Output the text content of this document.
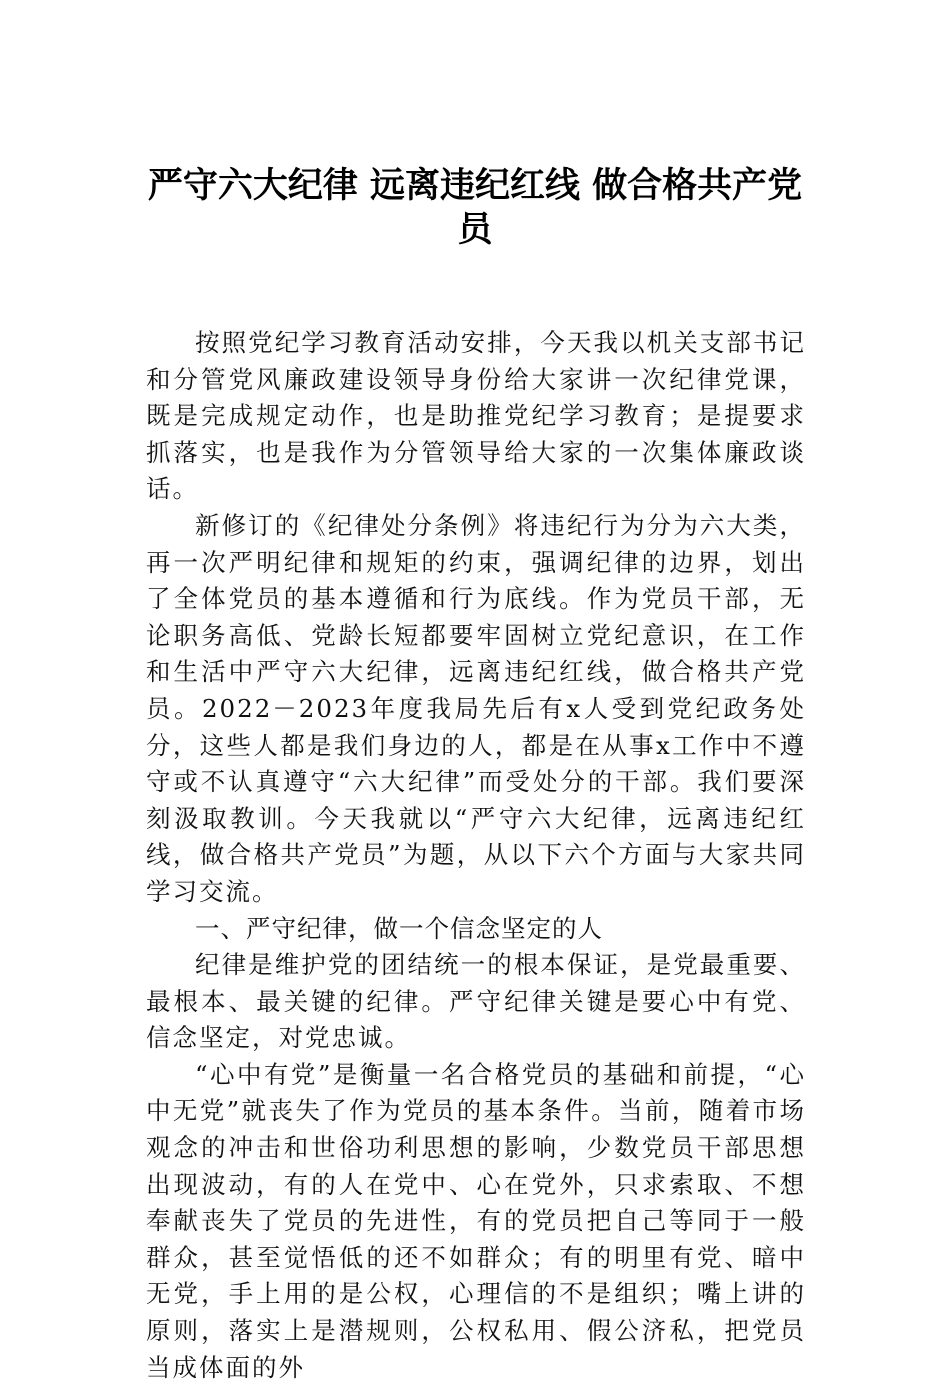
严守六大纪律 远离违纪红线 做合格共产党
员

按照党纪学习教育活动安排，今天我以机关支部书记和分管党风廉政建设领导身份给大家讲一次纪律党课，既是完成规定动作，也是助推党纪学习教育；是提要求抓落实，也是我作为分管领导给大家的一次集体廉政谈话。

新修订的《纪律处分条例》将违纪行为分为六大类，再一次严明纪律和规矩的约束，强调纪律的边界，划出了全体党员的基本遵循和行为底线。作为党员干部，无论职务高低、党龄长短都要牢固树立党纪意识，在工作和生活中严守六大纪律，远离违纪红线，做合格共产党员。2022－2023年度我局先后有x人受到党纪政务处分，这些人都是我们身边的人，都是在从事x工作中不遵守或不认真遵守“六大纪律”而受处分的干部。我们要深刻汲取教训。今天我就以“严守六大纪律，远离违纪红线，做合格共产党员”为题，从以下六个方面与大家共同学习交流。

一、严守纪律，做一个信念坚定的人

纪律是维护党的团结统一的根本保证，是党最重要、最根本、最关键的纪律。严守纪律关键是要心中有党、信念坚定，对党忠诚。

“心中有党”是衡量一名合格党员的基础和前提，“心中无党”就丧失了作为党员的基本条件。当前，随着市场观念的冲击和世俗功利思想的影响，少数党员干部思想出现波动，有的人在党中、心在党外，只求索取、不想奉献丧失了党员的先进性，有的党员把自己等同于一般群众，甚至觉悟低的还不如群众；有的明里有党、暗中无党，手上用的是公权，心理信的不是组织；嘴上讲的原则，落实上是潜规则，公权私用、假公济私，把党员当成体面的外
